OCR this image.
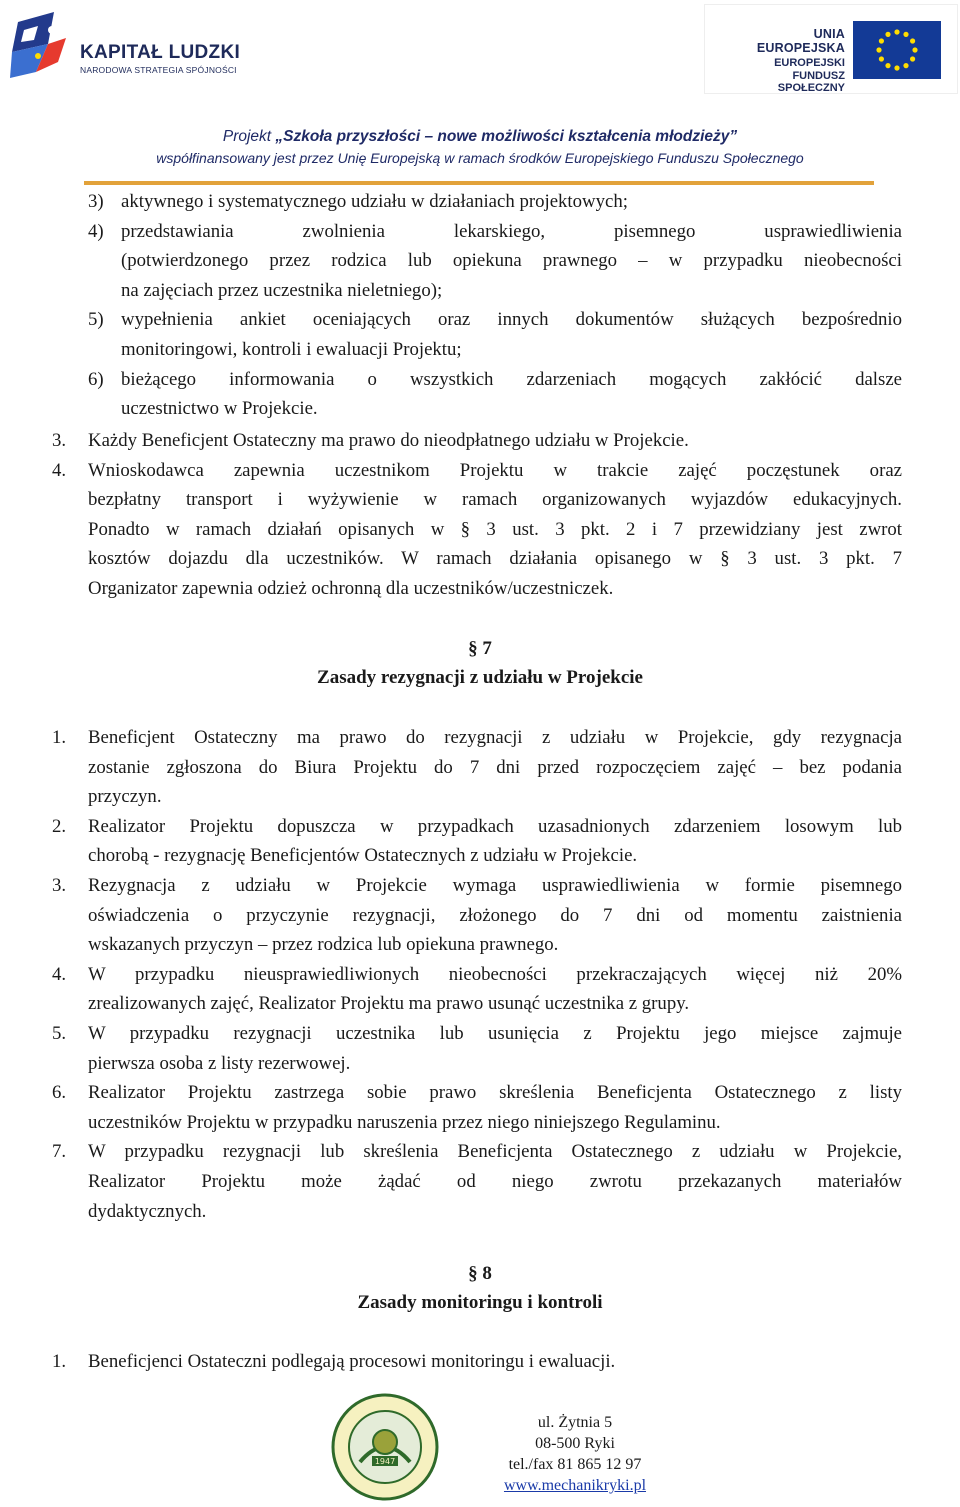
KAPITAŁ LUDZKI
NARODOWA STRATEGIA SPÓJNOŚCI
UNIA EUROPEJSKA
EUROPEJSKI
FUNDUSZ SPOŁECZNY
Projekt „Szkoła przyszłości – nowe możliwości kształcenia młodzieży”
współfinansowany jest przez Unię Europejską w ramach środków Europejskiego Funduszu Społecznego
3) aktywnego i systematycznego udziału w działaniach projektowych;
4) przedstawiania zwolnienia lekarskiego, pisemnego usprawiedliwienia
(potwierdzonego przez rodzica lub opiekuna prawnego – w przypadku nieobecności
na zajęciach przez uczestnika nieletniego);
5) wypełnienia ankiet oceniających oraz innych dokumentów służących bezpośrednio
monitoringowi, kontroli i ewaluacji Projektu;
6) bieżącego informowania o wszystkich zdarzeniach mogących zakłócić dalsze
uczestnictwo w Projekcie.
3. Każdy Beneficjent Ostateczny ma prawo do nieodpłatnego udziału w Projekcie.
4. Wnioskodawca zapewnia uczestnikom Projektu w trakcie zajęć poczęstunek oraz
bezpłatny transport i wyżywienie w ramach organizowanych wyjazdów edukacyjnych.
Ponadto w ramach działań opisanych w § 3 ust. 3 pkt. 2 i 7 przewidziany jest zwrot
kosztów dojazdu dla uczestników. W ramach działania opisanego w § 3 ust. 3 pkt. 7
Organizator zapewnia odzież ochronną dla uczestników/uczestniczek.
§ 7
Zasady rezygnacji z udziału w Projekcie
1. Beneficjent Ostateczny ma prawo do rezygnacji z udziału w Projekcie, gdy rezygnacja
zostanie zgłoszona do Biura Projektu do 7 dni przed rozpoczęciem zajęć – bez podania
przyczyn.
2. Realizator Projektu dopuszcza w przypadkach uzasadnionych zdarzeniem losowym lub
chorobą - rezygnację Beneficjentów Ostatecznych z udziału w Projekcie.
3. Rezygnacja z udziału w Projekcie wymaga usprawiedliwienia w formie pisemnego
oświadczenia o przyczynie rezygnacji, złożonego do 7 dni od momentu zaistnienia
wskazanych przyczyn – przez rodzica lub opiekuna prawnego.
4. W przypadku nieusprawiedliwionych nieobecności przekraczających więcej niż 20%
zrealizowanych zajęć, Realizator Projektu ma prawo usunąć uczestnika z grupy.
5. W przypadku rezygnacji uczestnika lub usunięcia z Projektu jego miejsce zajmuje
pierwsza osoba z listy rezerwowej.
6. Realizator Projektu zastrzega sobie prawo skreślenia Beneficjenta Ostatecznego z listy
uczestników Projektu w przypadku naruszenia przez niego niniejszego Regulaminu.
7. W przypadku rezygnacji lub skreślenia Beneficjenta Ostatecznego z udziału w Projekcie,
Realizator Projektu może żądać od niego zwrotu przekazanych materiałów
dydaktycznych.
§ 8
Zasady monitoringu i kontroli
1. Beneficjenci Ostateczni podlegają procesowi monitoringu i ewaluacji.
1947
ul. Żytnia 5
08-500 Ryki
tel./fax 81 865 12 97
www.mechanikryki.pl
